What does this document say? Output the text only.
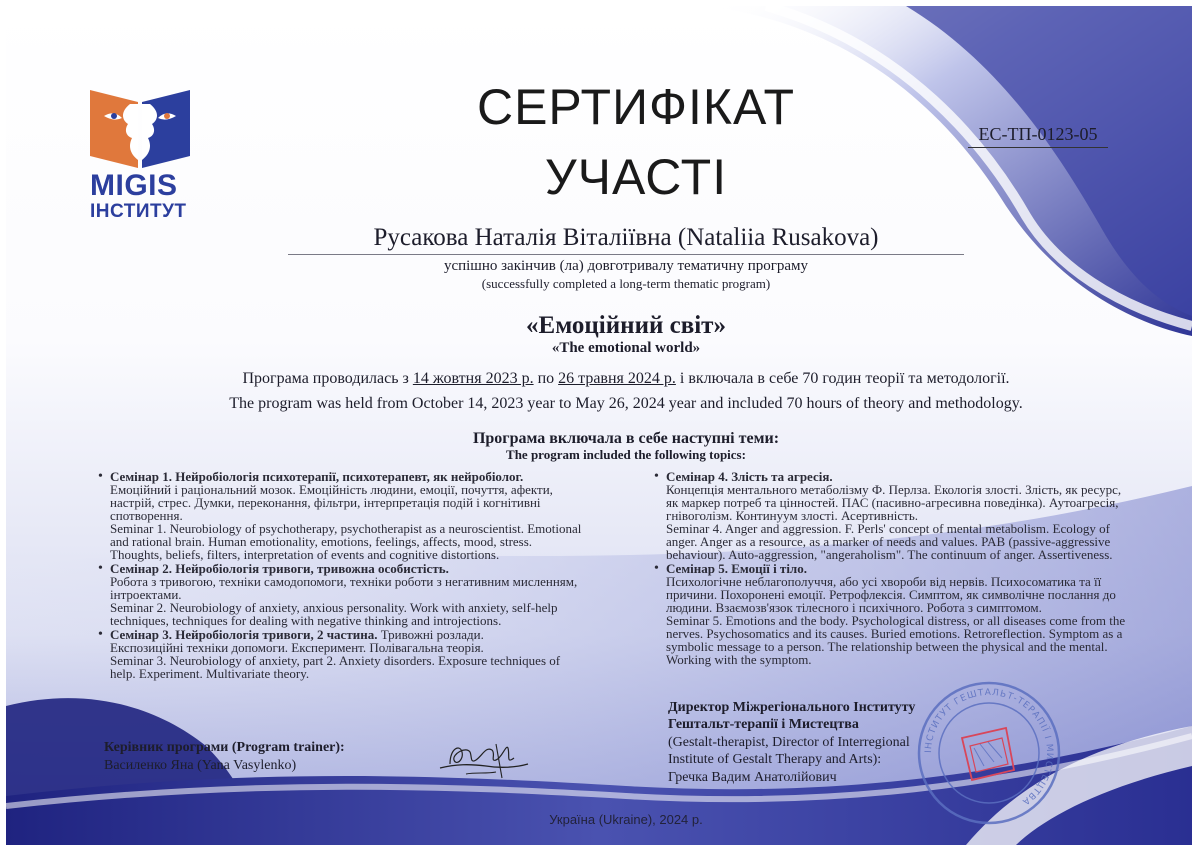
MIGIS
ІНСТИТУТ
СЕРТИФІКАТ
УЧАСТІ
ЕС-ТП-0123-05
Русакова Наталія Віталіївна (Nataliia Rusakova)
успішно закінчив (ла) довготривалу тематичну програму
(successfully completed a long-term thematic program)
«Емоційний світ»
«The emotional world»
Програма проводилась з 14 жовтня 2023 р. по 26 травня 2024 р. і включала в себе 70 годин теорії та методології.
The program was held from October 14, 2023 year to May 26, 2024 year and included 70 hours of theory and methodology.
Програма включала в себе наступні теми:
The program included the following topics:
• Семінар 1. Нейробіологія психотерапії, психотерапевт, як нейробіолог.
Емоційний і раціональний мозок. Емоційність людини, емоції, почуття, афекти, настрій, стрес. Думки, переконання, фільтри, інтерпретація подій і когнітивні спотворення.
Seminar 1. Neurobiology of psychotherapy, psychotherapist as a neuroscientist. Emotional and rational brain. Human emotionality, emotions, feelings, affects, mood, stress. Thoughts, beliefs, filters, interpretation of events and cognitive distortions.
• Семінар 2. Нейробіологія тривоги, тривожна особистість.
Робота з тривогою, техніки самодопомоги, техніки роботи з негативним мисленням, інтроектами.
Seminar 2. Neurobiology of anxiety, anxious personality. Work with anxiety, self-help techniques, techniques for dealing with negative thinking and introjections.
• Семінар 3. Нейробіологія тривоги, 2 частина. Тривожні розлади.
Експозиційні техніки допомоги. Експеримент. Полівагальна теорія.
Seminar 3. Neurobiology of anxiety, part 2. Anxiety disorders. Exposure techniques of help. Experiment. Multivariate theory.
• Семінар 4. Злість та агресія.
Концепція ментального метаболізму Ф. Перлза. Екологія злості. Злість, як ресурс, як маркер потреб та цінностей. ПАС (пасивно-агресивна поведінка). Аутоагресія, гнівоголізм. Континуум злості. Асертивність.
Seminar 4. Anger and aggression. F. Perls' concept of mental metabolism. Ecology of anger. Anger as a resource, as a marker of needs and values. PAB (passive-aggressive behaviour). Auto-aggression, "angeraholism". The continuum of anger. Assertiveness.
• Семінар 5. Емоції і тіло.
Психологічне неблагополуччя, або усі хвороби від нервів. Психосоматика та її причини. Похоронені емоції. Ретрофлексія. Симптом, як символічне послання до людини. Взаємозв'язок тілесного і психічного. Робота з симптомом.
Seminar 5. Emotions and the body. Psychological distress, or all diseases come from the nerves. Psychosomatics and its causes. Buried emotions. Retroreflection. Symptom as a symbolic message to a person. The relationship between the physical and the mental. Working with the symptom.
Керівник програми (Program trainer):
Василенко Яна (Yana Vasylenko)
Директор Міжрегіонального Інституту
Гештальт-терапії і Мистецтва
(Gestalt-therapist, Director of Interregional
Institute of Gestalt Therapy and Arts):
Гречка Вадим Анатолійович
ІНСТИТУТ ГЕШТАЛЬТ-ТЕРАПІЇ І МИСТЕЦТВА
Україна (Ukraine), 2024 р.
